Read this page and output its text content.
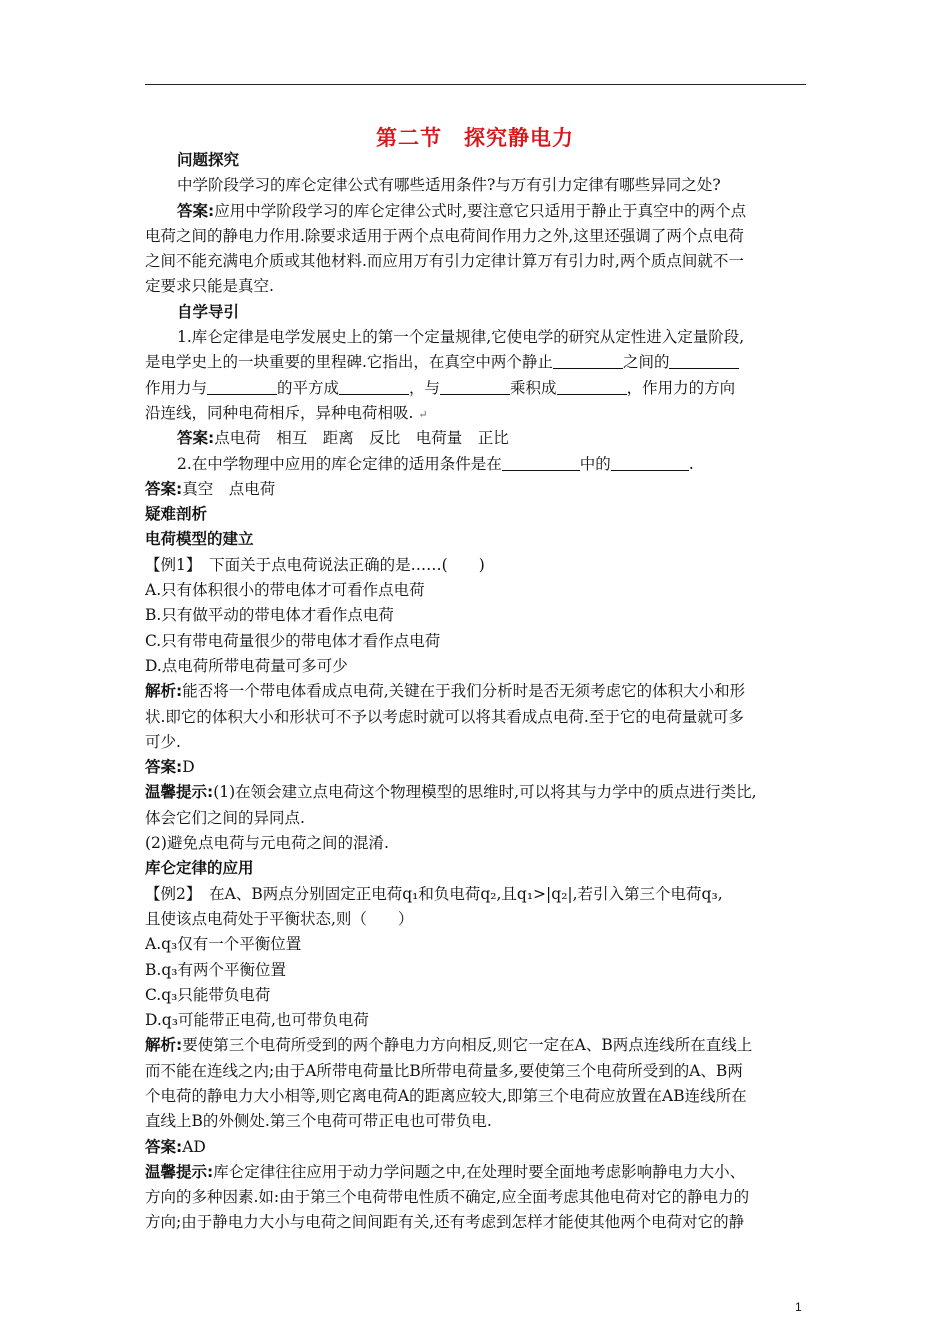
第二节　探究静电力
问题探究
中学阶段学习的库仑定律公式有哪些适用条件?与万有引力定律有哪些异同之处?
答案:应用中学阶段学习的库仑定律公式时,要注意它只适用于静止于真空中的两个点
电荷之间的静电力作用.除要求适用于两个点电荷间作用力之外,这里还强调了两个点电荷
之间不能充满电介质或其他材料.而应用万有引力定律计算万有引力时,两个质点间就不一
定要求只能是真空.
自学导引
1.库仑定律是电学发展史上的第一个定量规律,它使电学的研究从定性进入定量阶段,
是电学史上的一块重要的里程碑.它指出，在真空中两个静止	之间的
作用力与	的平方成	，与	乘积成	，作用力的方向
沿连线，同种电荷相斥，异种电荷相吸. ↵
答案:点电荷　相互　距离　反比　电荷量　正比
2.在中学物理中应用的库仑定律的适用条件是在	中的	.
答案:真空　点电荷
疑难剖析
电荷模型的建立
【例1】　 下面关于点电荷说法正确的是……(　　)
A.只有体积很小的带电体才可看作点电荷
B.只有做平动的带电体才看作点电荷
C.只有带电荷量很少的带电体才看作点电荷
D.点电荷所带电荷量可多可少
解析:能否将一个带电体看成点电荷,关键在于我们分析时是否无须考虑它的体积大小和形
状.即它的体积大小和形状可不予以考虑时就可以将其看成点电荷.至于它的电荷量就可多
可少.
答案:D
温馨提示:(1)在领会建立点电荷这个物理模型的思维时,可以将其与力学中的质点进行类比,
体会它们之间的异同点.
(2)避免点电荷与元电荷之间的混淆.
库仑定律的应用
【例2】　 在A、B两点分别固定正电荷q₁和负电荷q₂,且q₁>|q₂|,若引入第三个电荷q₃,
且使该点电荷处于平衡状态,则（　　）
A.q₃仅有一个平衡位置
B.q₃有两个平衡位置
C.q₃只能带负电荷
D.q₃可能带正电荷,也可带负电荷
解析:要使第三个电荷所受到的两个静电力方向相反,则它一定在A、B两点连线所在直线上
而不能在连线之内;由于A所带电荷量比B所带电荷量多,要使第三个电荷所受到的A、B两
个电荷的静电力大小相等,则它离电荷A的距离应较大,即第三个电荷应放置在AB连线所在
直线上B的外侧处.第三个电荷可带正电也可带负电.
答案:AD
温馨提示:库仑定律往往应用于动力学问题之中,在处理时要全面地考虑影响静电力大小、
方向的多种因素.如:由于第三个电荷带电性质不确定,应全面考虑其他电荷对它的静电力的
方向;由于静电力大小与电荷之间间距有关,还有考虑到怎样才能使其他两个电荷对它的静
1
